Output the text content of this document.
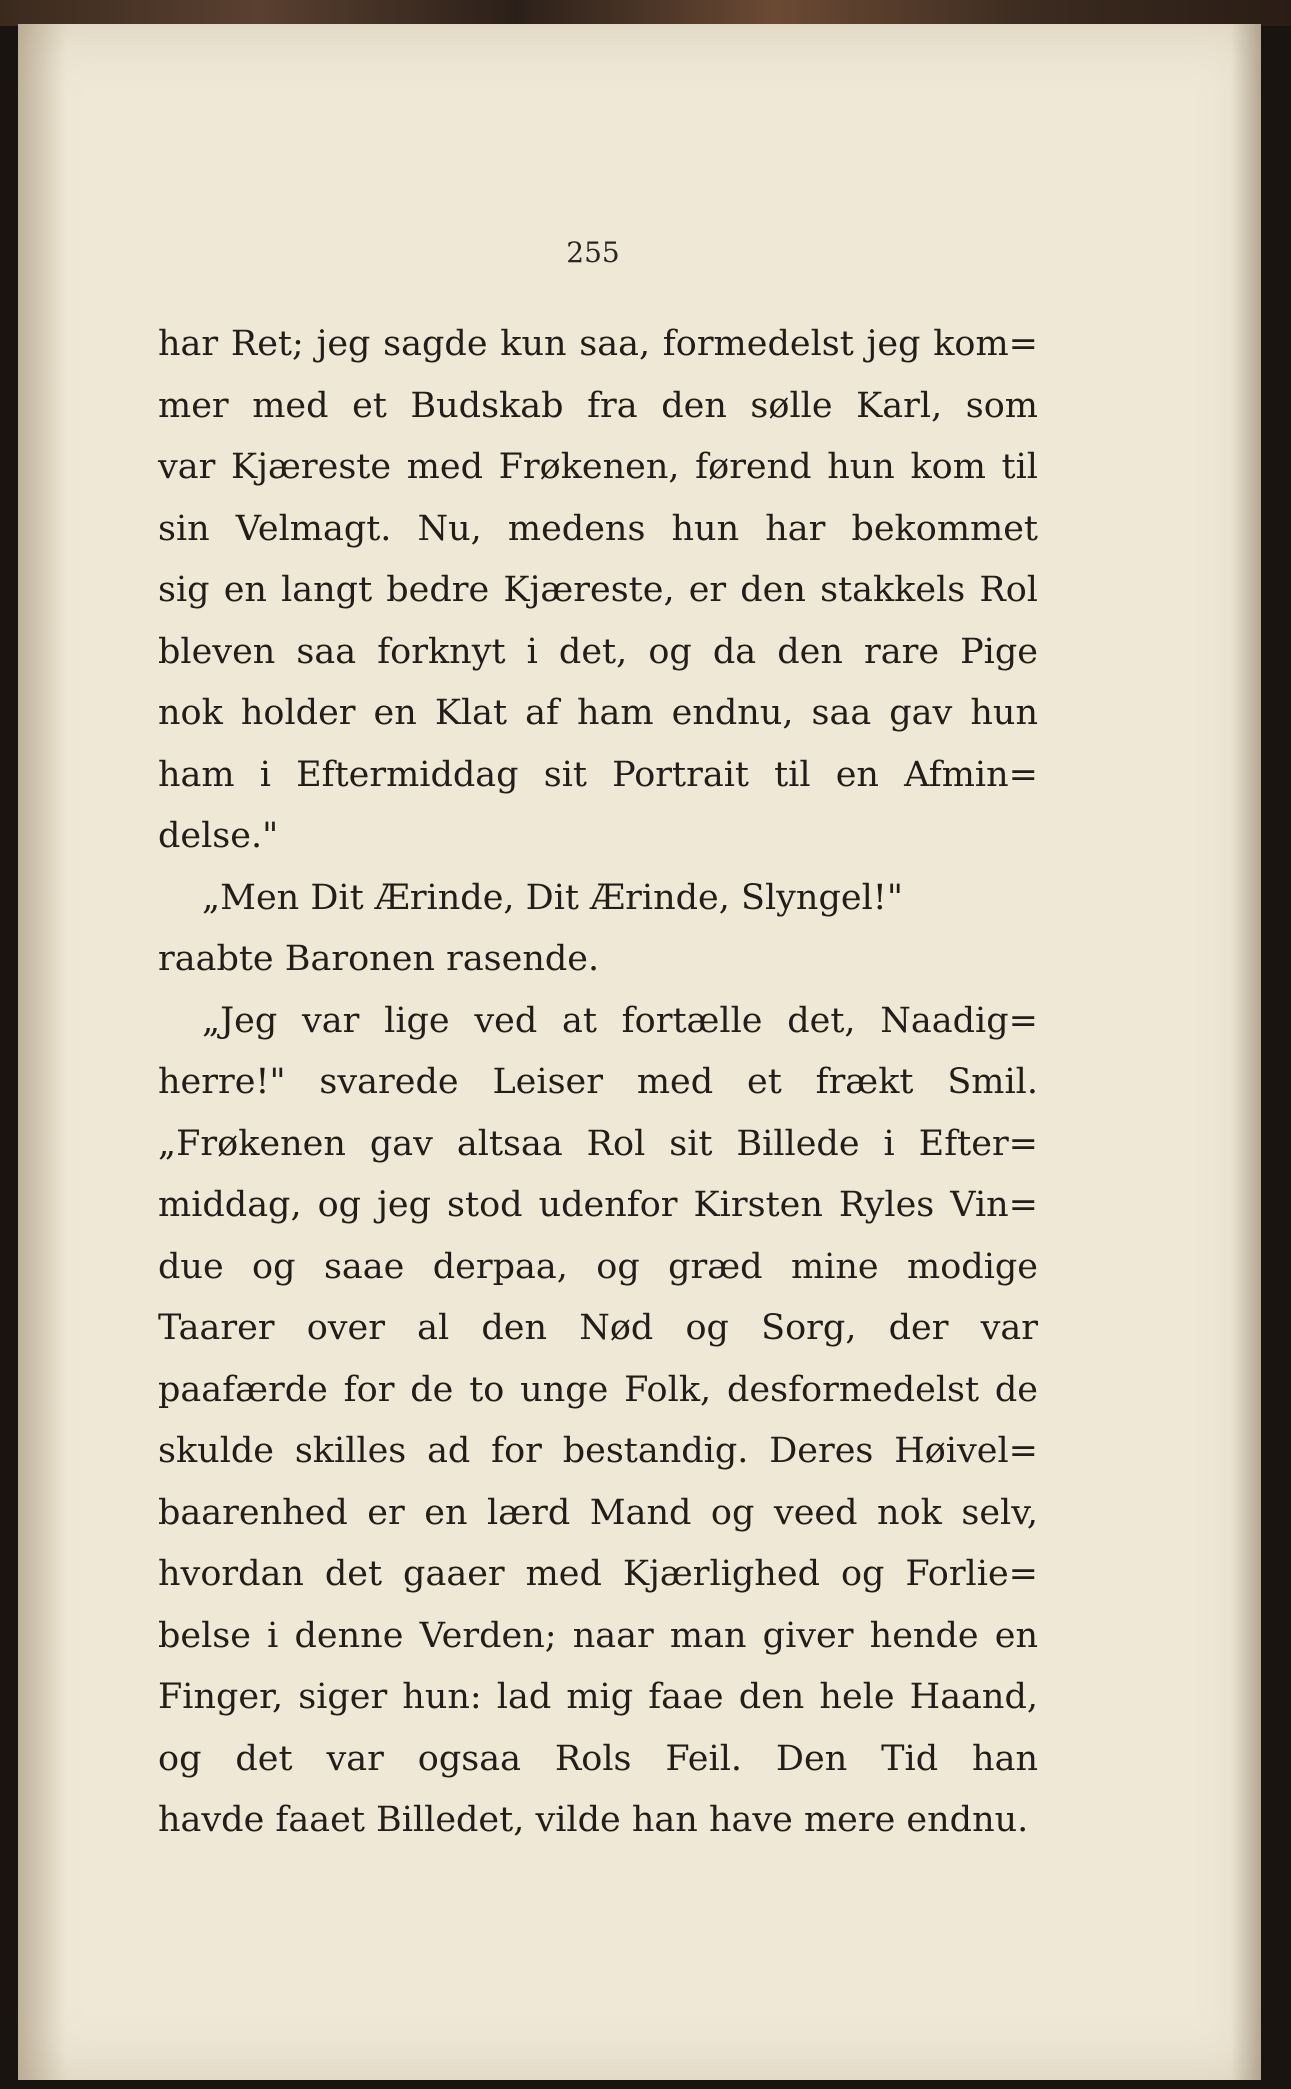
255
har Ret; jeg sagde kun saa, formedelst jeg kom=
mer med et Budskab fra den sølle Karl, som
var Kjæreste med Frøkenen, førend hun kom til
sin Velmagt. Nu, medens hun har bekommet
sig en langt bedre Kjæreste, er den stakkels Rol
bleven saa forknyt i det, og da den rare Pige
nok holder en Klat af ham endnu, saa gav hun
ham i Eftermiddag sit Portrait til en Afmin=
delse."
„Men Dit Ærinde, Dit Ærinde, Slyngel!"
raabte Baronen rasende.
„Jeg var lige ved at fortælle det, Naadig=
herre!" svarede Leiser med et frækt Smil.
„Frøkenen gav altsaa Rol sit Billede i Efter=
middag, og jeg stod udenfor Kirsten Ryles Vin=
due og saae derpaa, og græd mine modige
Taarer over al den Nød og Sorg, der var
paafærde for de to unge Folk, desformedelst de
skulde skilles ad for bestandig. Deres Høivel=
baarenhed er en lærd Mand og veed nok selv,
hvordan det gaaer med Kjærlighed og Forlie=
belse i denne Verden; naar man giver hende en
Finger, siger hun: lad mig faae den hele Haand,
og det var ogsaa Rols Feil. Den Tid han
havde faaet Billedet, vilde han have mere endnu.
